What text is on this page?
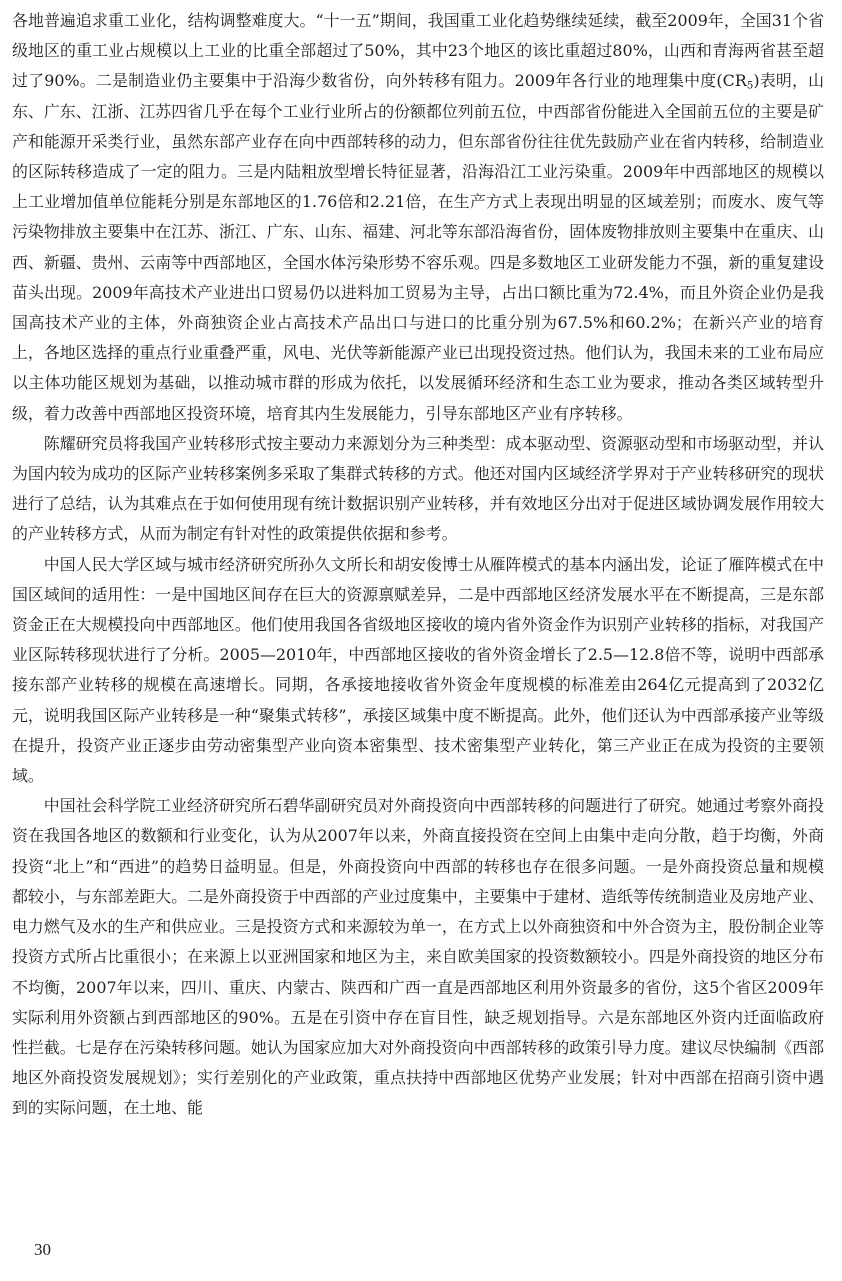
各地普遍追求重工业化，结构调整难度大。“十一五”期间，我国重工业化趋势继续延续，截至2009年，全国31个省级地区的重工业占规模以上工业的比重全部超过了50%，其中23个地区的该比重超过80%，山西和青海两省甚至超过了90%。二是制造业仍主要集中于沿海少数省份，向外转移有阻力。2009年各行业的地理集中度$(CR_5)$表明，山东、广东、江浙、江苏四省几乎在每个工业行业所占的份额都位列前五位，中西部省份能进入全国前五位的主要是矿产和能源开采类行业，虽然东部产业存在向中西部转移的动力，但东部省份往往优先鼓励产业在省内转移，给制造业的区际转移造成了一定的阻力。三是内陆粗放型增长特征显著，沿海沿江工业污染重。2009年中西部地区的规模以上工业增加值单位能耗分别是东部地区的1.76倍和2.21倍，在生产方式上表现出明显的区域差别；而废水、废气等污染物排放主要集中在江苏、浙江、广东、山东、福建、河北等东部沿海省份，固体废物排放则主要集中在重庆、山西、新疆、贵州、云南等中西部地区，全国水体污染形势不容乐观。四是多数地区工业研发能力不强，新的重复建设苗头出现。2009年高技术产业进出口贸易仍以进料加工贸易为主导，占出口额比重为72.4%，而且外资企业仍是我国高技术产业的主体，外商独资企业占高技术产品出口与进口的比重分别为67.5%和60.2%；在新兴产业的培育上，各地区选择的重点行业重叠严重，风电、光伏等新能源产业已出现投资过热。他们认为，我国未来的工业布局应以主体功能区规划为基础，以推动城市群的形成为依托，以发展循环经济和生态工业为要求，推动各类区域转型升级，着力改善中西部地区投资环境，培育其内生发展能力，引导东部地区产业有序转移。

陈耀研究员将我国产业转移形式按主要动力来源划分为三种类型：成本驱动型、资源驱动型和市场驱动型，并认为国内较为成功的区际产业转移案例多采取了集群式转移的方式。他还对国内区域经济学界对于产业转移研究的现状进行了总结，认为其难点在于如何使用现有统计数据识别产业转移，并有效地区分出对于促进区域协调发展作用较大的产业转移方式，从而为制定有针对性的政策提供依据和参考。

中国人民大学区域与城市经济研究所孙久文所长和胡安俊博士从雁阵模式的基本内涵出发，论证了雁阵模式在中国区域间的适用性：一是中国地区间存在巨大的资源禀赋差异，二是中西部地区经济发展水平在不断提高，三是东部资金正在大规模投向中西部地区。他们使用我国各省级地区接收的境内省外资金作为识别产业转移的指标，对我国产业区际转移现状进行了分析。2005—2010年，中西部地区接收的省外资金增长了2.5—12.8倍不等，说明中西部承接东部产业转移的规模在高速增长。同期，各承接地接收省外资金年度规模的标准差由264亿元提高到了2032亿元，说明我国区际产业转移是一种“聚集式转移”，承接区域集中度不断提高。此外，他们还认为中西部承接产业等级在提升，投资产业正逐步由劳动密集型产业向资本密集型、技术密集型产业转化，第三产业正在成为投资的主要领域。

中国社会科学院工业经济研究所石碧华副研究员对外商投资向中西部转移的问题进行了研究。她通过考察外商投资在我国各地区的数额和行业变化，认为从2007年以来，外商直接投资在空间上由集中走向分散，趋于均衡，外商投资“北上”和“西进”的趋势日益明显。但是，外商投资向中西部的转移也存在很多问题。一是外商投资总量和规模都较小，与东部差距大。二是外商投资于中西部的产业过度集中，主要集中于建材、造纸等传统制造业及房地产业、电力燃气及水的生产和供应业。三是投资方式和来源较为单一，在方式上以外商独资和中外合资为主，股份制企业等投资方式所占比重很小；在来源上以亚洲国家和地区为主，来自欧美国家的投资数额较小。四是外商投资的地区分布不均衡，2007年以来，四川、重庆、内蒙古、陕西和广西一直是西部地区利用外资最多的省份，这5个省区2009年实际利用外资额占到西部地区的90%。五是在引资中存在盲目性，缺乏规划指导。六是东部地区外资内迁面临政府性拦截。七是存在污染转移问题。她认为国家应加大对外商投资向中西部转移的政策引导力度。建议尽快编制《西部地区外商投资发展规划》；实行差别化的产业政策，重点扶持中西部地区优势产业发展；针对中西部在招商引资中遇到的实际问题，在土地、能

30
